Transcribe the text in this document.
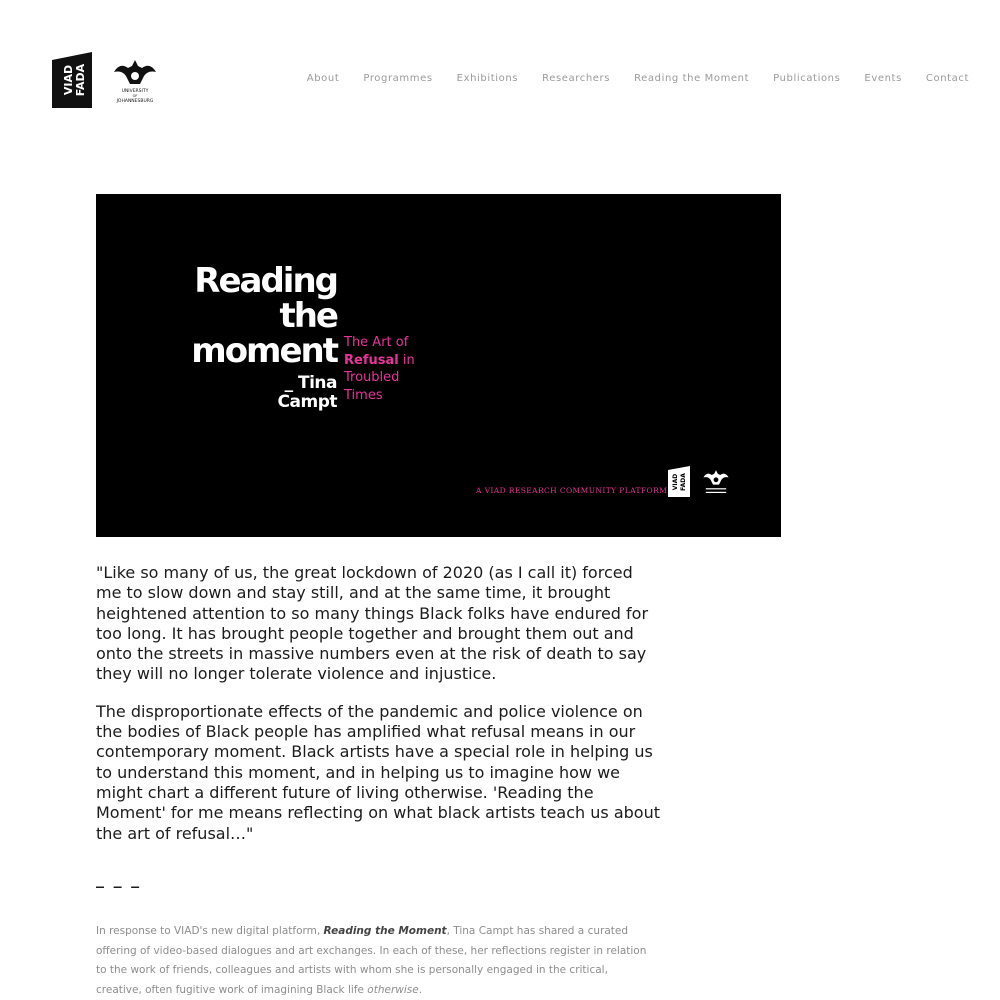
VIAD FADA	UNIVERSITY
OF
JOHANNESBURG
About Programmes Exhibitions Researchers Reading the Moment Publications Events Contact
Reading
the
moment
_ Tina
Campt
The Art of
Refusal in
Troubled
Times
A VIAD RESEARCH COMMUNITY PLATFORM
VIAD FADA

"Like so many of us, the great lockdown of 2020 (as I call it) forced me to slow down and stay still, and at the same time, it brought heightened attention to so many things Black folks have endured for too long. It has brought people together and brought them out and onto the streets in massive numbers even at the risk of death to say they will no longer tolerate violence and injustice.

The disproportionate effects of the pandemic and police violence on the bodies of Black people has amplified what refusal means in our contemporary moment. Black artists have a special role in helping us to understand this moment, and in helping us to imagine how we might chart a different future of living otherwise. 'Reading the Moment' for me means reflecting on what black artists teach us about the art of refusal…"

_ _ _
In response to VIAD's new digital platform, Reading the Moment, Tina Campt has shared a curated offering of video-based dialogues and art exchanges. In each of these, her reflections register in relation to the work of friends, colleagues and artists with whom she is personally engaged in the critical, creative, often fugitive work of imagining Black life otherwise.
